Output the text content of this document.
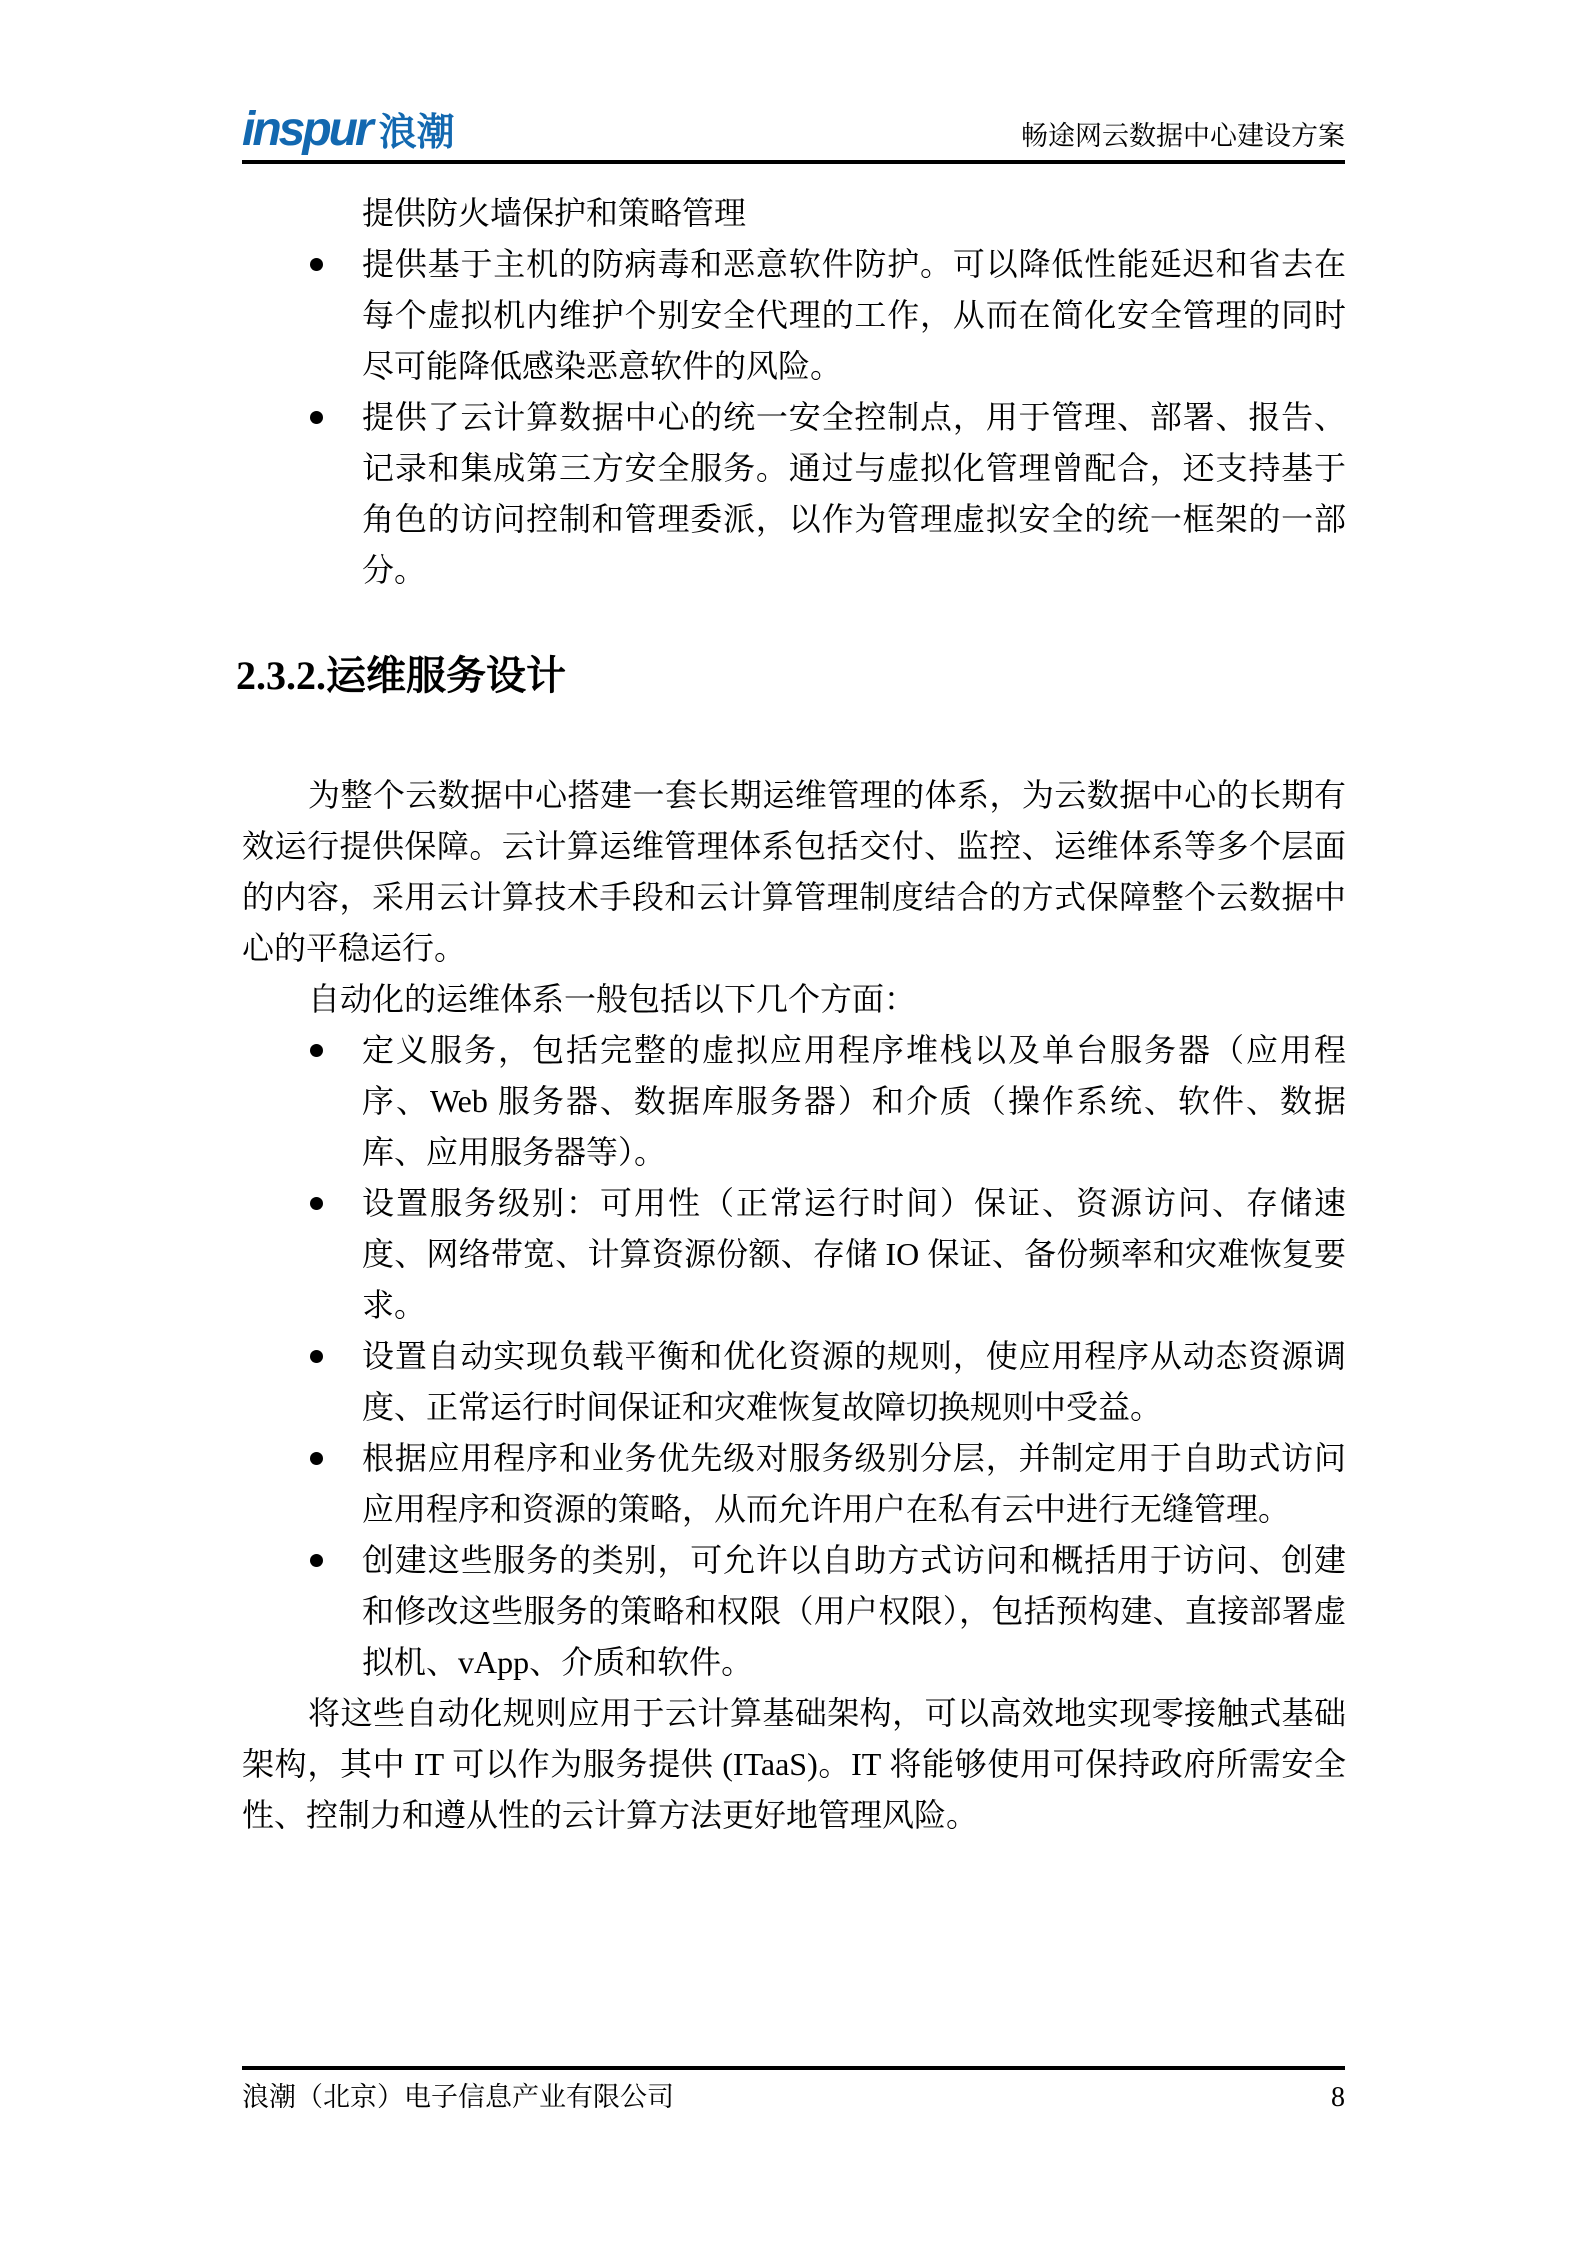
inspur 浪潮	畅途网云数据中心建设方案

提供防火墙保护和策略管理

提供基于主机的防病毒和恶意软件防护。可以降低性能延迟和省去在每个虚拟机内维护个别安全代理的工作，从而在简化安全管理的同时尽可能降低感染恶意软件的风险。
提供了云计算数据中心的统一安全控制点，用于管理、部署、报告、记录和集成第三方安全服务。通过与虚拟化管理曾配合，还支持基于角色的访问控制和管理委派，以作为管理虚拟安全的统一框架的一部分。
2.3.2.运维服务设计

为整个云数据中心搭建一套长期运维管理的体系，为云数据中心的长期有效运行提供保障。云计算运维管理体系包括交付、监控、运维体系等多个层面的内容，采用云计算技术手段和云计算管理制度结合的方式保障整个云数据中心的平稳运行。

自动化的运维体系一般包括以下几个方面：

定义服务，包括完整的虚拟应用程序堆栈以及单台服务器（应用程序、Web 服务器、数据库服务器）和介质（操作系统、软件、数据库、应用服务器等）。
设置服务级别：可用性（正常运行时间）保证、资源访问、存储速度、网络带宽、计算资源份额、存储 IO 保证、备份频率和灾难恢复要求。
设置自动实现负载平衡和优化资源的规则，使应用程序从动态资源调度、正常运行时间保证和灾难恢复故障切换规则中受益。
根据应用程序和业务优先级对服务级别分层，并制定用于自助式访问应用程序和资源的策略，从而允许用户在私有云中进行无缝管理。
创建这些服务的类别，可允许以自助方式访问和概括用于访问、创建和修改这些服务的策略和权限（用户权限），包括预构建、直接部署虚拟机、vApp、介质和软件。

将这些自动化规则应用于云计算基础架构，可以高效地实现零接触式基础架构，其中 IT 可以作为服务提供 (ITaaS)。IT 将能够使用可保持政府所需安全性、控制力和遵从性的云计算方法更好地管理风险。

浪潮（北京）电子信息产业有限公司	8
